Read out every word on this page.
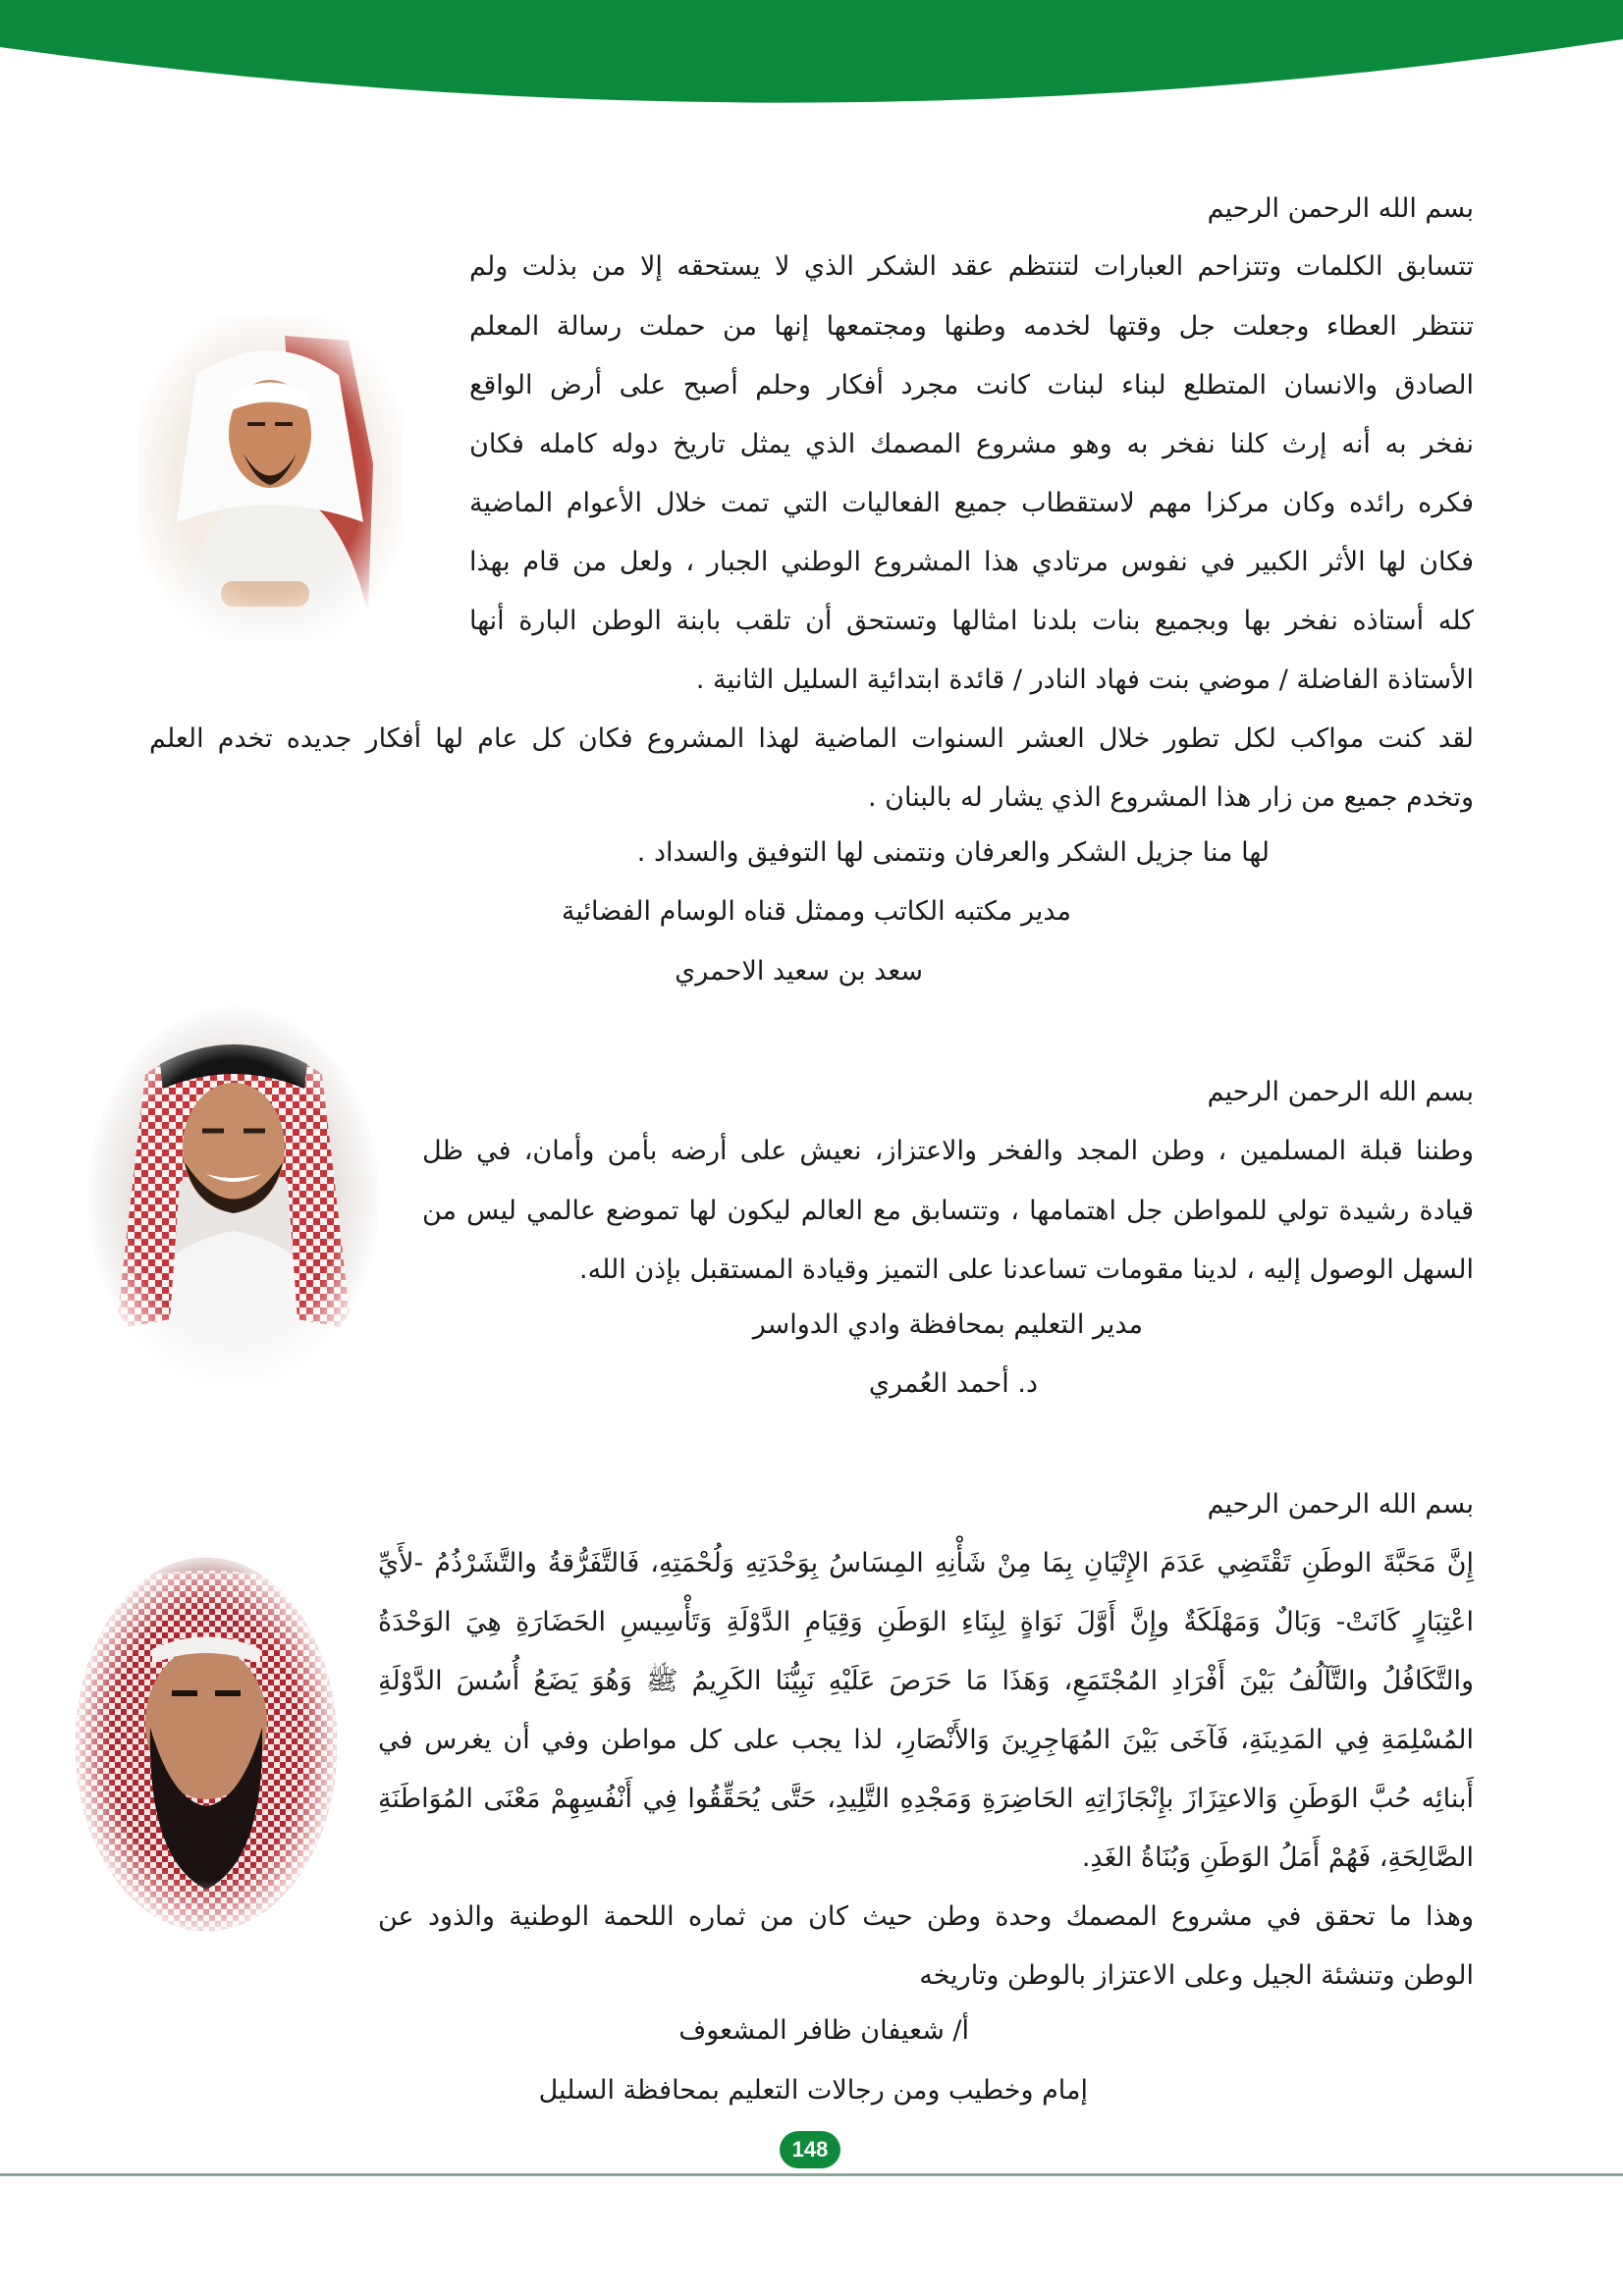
بسم الله الرحمن الرحيم
تتسابق الكلمات وتتزاحم العبارات لتنتظم عقد الشكر الذي لا يستحقه إلا من بذلت ولم
تنتظر العطاء وجعلت جل وقتها لخدمه وطنها ومجتمعها إنها من حملت رسالة المعلم
الصادق والانسان المتطلع لبناء لبنات كانت مجرد أفكار وحلم أصبح على أرض الواقع
نفخر به أنه إرث كلنا نفخر به وهو مشروع المصمك الذي يمثل تاريخ دوله كامله فكان
فكره رائده وكان مركزا مهم لاستقطاب جميع الفعاليات التي تمت خلال الأعوام الماضية
فكان لها الأثر الكبير في نفوس مرتادي هذا المشروع الوطني الجبار ، ولعل من قام بهذا
كله أستاذه نفخر بها وبجميع بنات بلدنا امثالها وتستحق أن تلقب بابنة الوطن البارة أنها
الأستاذة الفاضلة / موضي بنت فهاد النادر / قائدة ابتدائية السليل الثانية .
لقد كنت مواكب لكل تطور خلال العشر السنوات الماضية لهذا المشروع فكان كل عام لها أفكار جديده تخدم العلم
وتخدم جميع من زار هذا المشروع الذي يشار له بالبنان .
لها منا جزيل الشكر والعرفان ونتمنى لها التوفيق والسداد .
مدير مكتبه الكاتب وممثل قناه الوسام الفضائية
سعد بن سعيد الاحمري
بسم الله الرحمن الرحيم
وطننا قبلة المسلمين ، وطن المجد والفخر والاعتزاز، نعيش على أرضه بأمن وأمان، في ظل
قيادة رشيدة تولي للمواطن جل اهتمامها ، وتتسابق مع العالم ليكون لها تموضع عالمي ليس من
السهل الوصول إليه ، لدينا مقومات تساعدنا على التميز وقيادة المستقبل بإذن الله.
مدير التعليم بمحافظة وادي الدواسر
د. أحمد العُمري
بسم الله الرحمن الرحيم
إِنَّ مَحَبَّةَ الوطَنِ تَقْتَضِي عَدَمَ الإِتْيَانِ بِمَا مِنْ شَأْنِهِ المِسَاسُ بِوَحْدَتِهِ وَلُحْمَتِهِ، فَالتَّفَرُّقةُ والتَّشَرْذُمُ -لأَيِّ
اعْتِبَارٍ كَانَتْ- وَبَالٌ وَمَهْلَكَةٌ وإِنَّ أَوَّلَ نَوَاةٍ لِبِنَاءِ الوَطَنِ وَقِيَامِ الدَّوْلَةِ وَتَأْسِيسِ الحَضَارَةِ هِيَ الوَحْدَةُ
والتَّكَافُلُ والتَّآلُفُ بَيْنَ أَفْرَادِ المُجْتَمَعِ، وَهَذَا مَا حَرَصَ عَلَيْهِ نَبِيُّنَا الكَرِيمُ ﷺ وَهُوَ يَضَعُ أُسُسَ الدَّوْلَةِ
المُسْلِمَةِ فِي المَدِينَةِ، فَآخَى بَيْنَ المُهَاجِرِينَ وَالأَنْصَارِ، لذا يجب على كل مواطن وفي أن يغرس في
أَبنائِه حُبَّ الوَطَنِ وَالاعتِزَازَ بإِنْجَازَاتِهِ الحَاضِرَةِ وَمَجْدِهِ التَّلِيدِ، حَتَّى يُحَقِّقُوا فِي أَنْفُسِهِمْ مَعْنَى المُوَاطَنَةِ
الصَّالِحَةِ، فَهُمْ أَمَلُ الوَطَنِ وَبُنَاةُ الغَدِ.
وهذا ما تحقق في مشروع المصمك وحدة وطن حيث كان من ثماره اللحمة الوطنية والذود عن
الوطن وتنشئة الجيل وعلى الاعتزاز بالوطن وتاريخه
أ/ شعيفان ظافر المشعوف
إمام وخطيب ومن رجالات التعليم بمحافظة السليل
148
